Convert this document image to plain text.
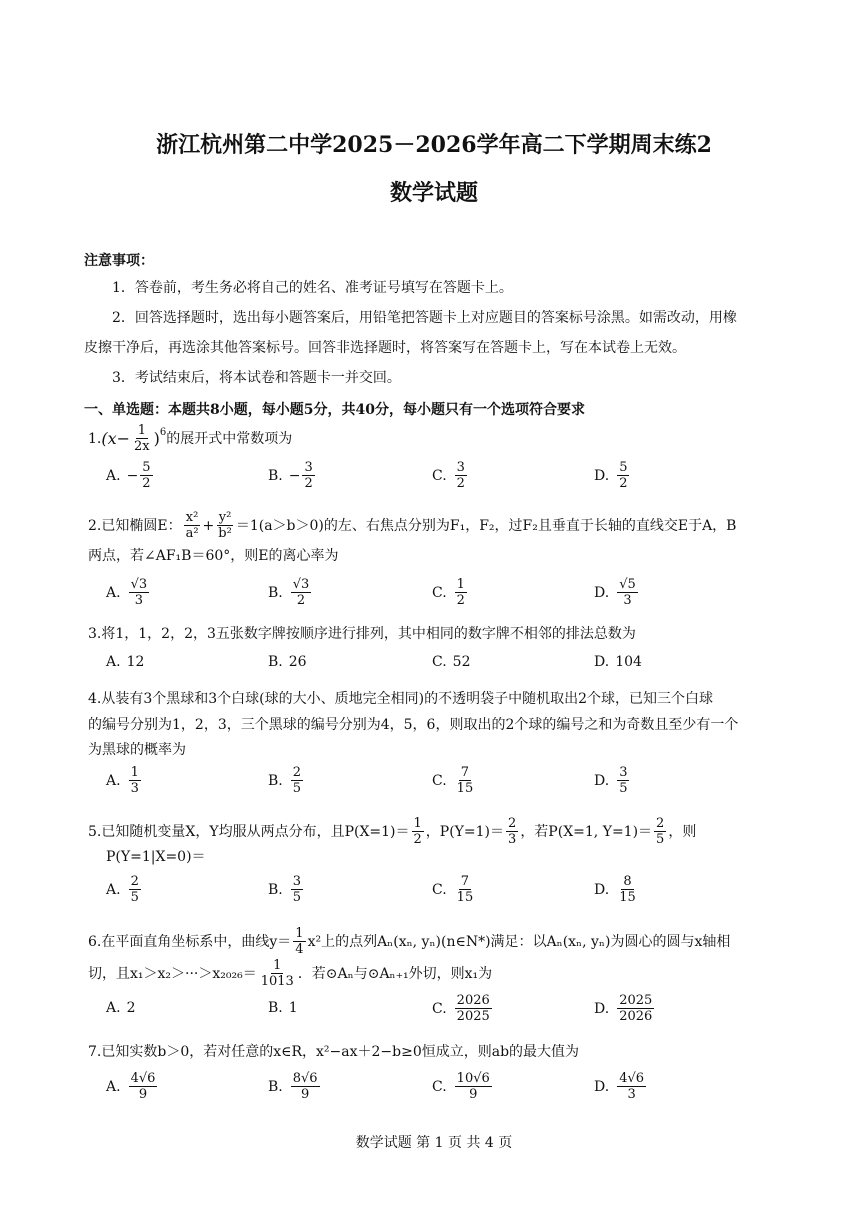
浙江杭州第二中学2025－2026学年高二下学期周末练2
数学试题
注意事项：
1．答卷前，考生务必将自己的姓名、准考证号填写在答题卡上。
2．回答选择题时，选出每小题答案后，用铅笔把答题卡上对应题目的答案标号涂黑。如需改动，用橡
皮擦干净后，再选涂其他答案标号。回答非选择题时，将答案写在答题卡上，写在本试卷上无效。
3．考试结束后，将本试卷和答题卡一并交回。
一、单选题：本题共8小题，每小题5分，共40分，每小题只有一个选项符合要求
1. $(x- \frac{1}{2x} )^6$ 的展开式中常数项为
A. − $\frac{5}{2}$	B. − $\frac{3}{2}$	C. $\frac{3}{2}$	D. $\frac{5}{2}$
2.已知椭圆E： $\frac{\text{x²}}{\text{a²}} + \frac{\text{y²}}{\text{b²}} =1(a>b>0)$的左、右焦点分别为F₁，F₂，过F₂且垂直于长轴的直线交E于A，B
两点，若∠AF₁B＝60°，则E的离心率为
A. $\frac{√3}{3}$	B. $\frac{√3}{2}$	C. $\frac{1}{2}$	D. $\frac{√5}{3}$
3.将1，1，2，2，3五张数字牌按顺序进行排列，其中相同的数字牌不相邻的排法总数为
A. 12	B. 26	C. 52	D. 104
4.从装有3个黑球和3个白球(球的大小、质地完全相同)的不透明袋子中随机取出2个球，已知三个白球
的编号分别为1，2，3，三个黑球的编号分别为4，5，6，则取出的2个球的编号之和为奇数且至少有一个
为黑球的概率为
A. $\frac{1}{3}$	B. $\frac{2}{5}$	C. $\frac{7}{15}$	D. $\frac{3}{5}$
5.已知随机变量X，Y均服从两点分布，且$P(X=1)= \frac{1}{2}$ ，$P(Y=1)= \frac{2}{3}$ ，若P(X=1, $Y=1)= \frac{2}{5}$ ，则
P(Y=1|X=0)＝
A. $\frac{2}{5}$	B. $\frac{3}{5}$	C. $\frac{7}{15}$	D. $\frac{8}{15}$
6.在平面直角坐标系中，曲线$y= \frac{1}{4} x^2$上的点列Aₙ(xₙ, yₙ)(n∈N*)满足：以Aₙ(xₙ, yₙ)为圆心的圆与x轴相
切，且$x_1>x_2>\cdot\cdot\cdot>x_{2026}= \frac{1}{1013}$ ．若⊙Aₙ与⊙Aₙ₊₁外切，则x₁为
A. 2	B. 1	C. $\frac{2026}{2025}$	D. $\frac{2025}{2026}$
7.已知实数b＞0，若对任意的x∈R，x²−ax＋2−b≥0恒成立，则ab的最大值为
A. $\frac{4√6}{9}$	B. $\frac{8√6}{9}$	C. $\frac{10√6}{9}$	D. $\frac{4√6}{3}$
数学试题 第 1 页 共 4 页
